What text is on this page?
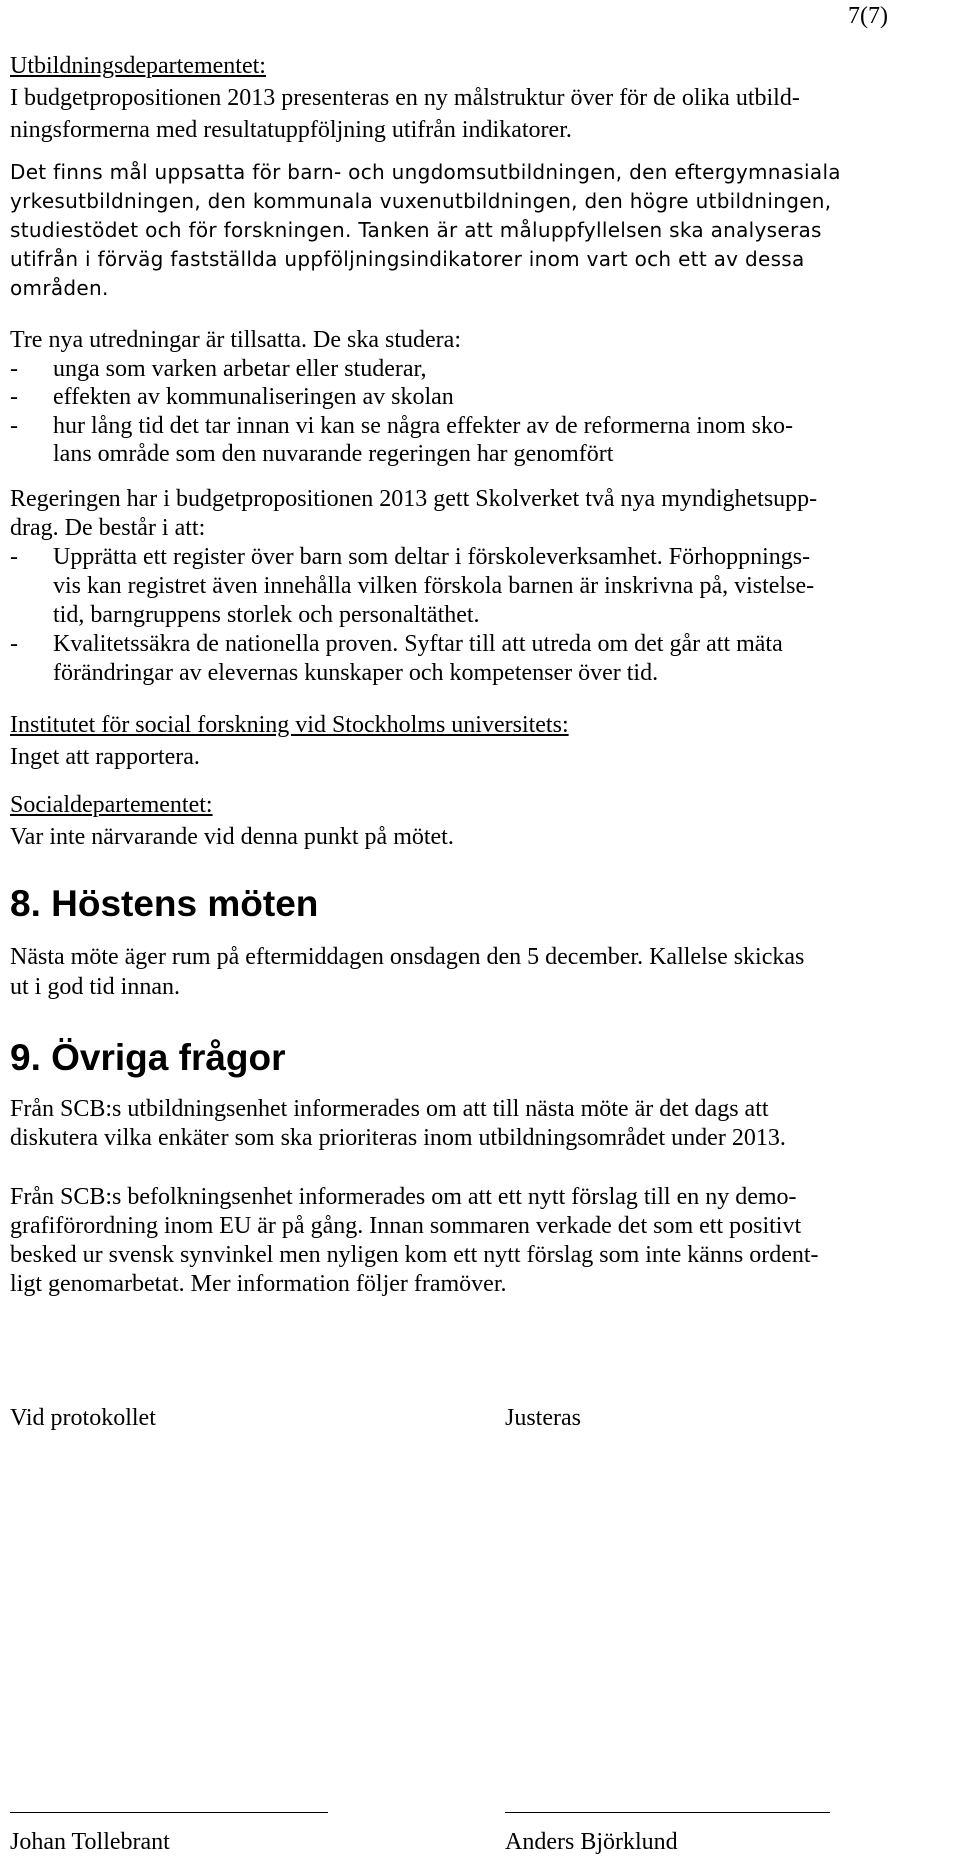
7(7)

Utbildningsdepartementet:

I budgetpropositionen 2013 presenteras en ny målstruktur över för de olika utbild-

ningsformerna med resultatuppföljning utifrån indikatorer.

Det finns mål uppsatta för barn- och ungdomsutbildningen, den eftergymnasiala

yrkesutbildningen, den kommunala vuxenutbildningen, den högre utbildningen,

studiestödet och för forskningen. Tanken är att måluppfyllelsen ska analyseras

utifrån i förväg fastställda uppföljningsindikatorer inom vart och ett av dessa

områden.

Tre nya utredningar är tillsatta. De ska studera:

-	unga som varken arbetar eller studerar,
-	effekten av kommunaliseringen av skolan
-	hur lång tid det tar innan vi kan se några effekter av de reformerna inom sko-
lans område som den nuvarande regeringen har genomfört

Regeringen har i budgetpropositionen 2013 gett Skolverket två nya myndighetsupp-

drag. De består i att:

-	Upprätta ett register över barn som deltar i förskoleverksamhet. Förhoppnings-
vis kan registret även innehålla vilken förskola barnen är inskrivna på, vistelse-
tid, barngruppens storlek och personaltäthet.
-	Kvalitetssäkra de nationella proven. Syftar till att utreda om det går att mäta
förändringar av elevernas kunskaper och kompetenser över tid.

Institutet för social forskning vid Stockholms universitets:

Inget att rapportera.

Socialdepartementet:

Var inte närvarande vid denna punkt på mötet.

8. Höstens möten

Nästa möte äger rum på eftermiddagen onsdagen den 5 december. Kallelse skickas

ut i god tid innan.

9. Övriga frågor

Från SCB:s utbildningsenhet informerades om att till nästa möte är det dags att

diskutera vilka enkäter som ska prioriteras inom utbildningsområdet under 2013.

Från SCB:s befolkningsenhet informerades om att ett nytt förslag till en ny demo-

grafiförordning inom EU är på gång. Innan sommaren verkade det som ett positivt

besked ur svensk synvinkel men nyligen kom ett nytt förslag som inte känns ordent-

ligt genomarbetat. Mer information följer framöver.

Vid protokollet	Justeras
Johan Tollebrant	Anders Björklund
